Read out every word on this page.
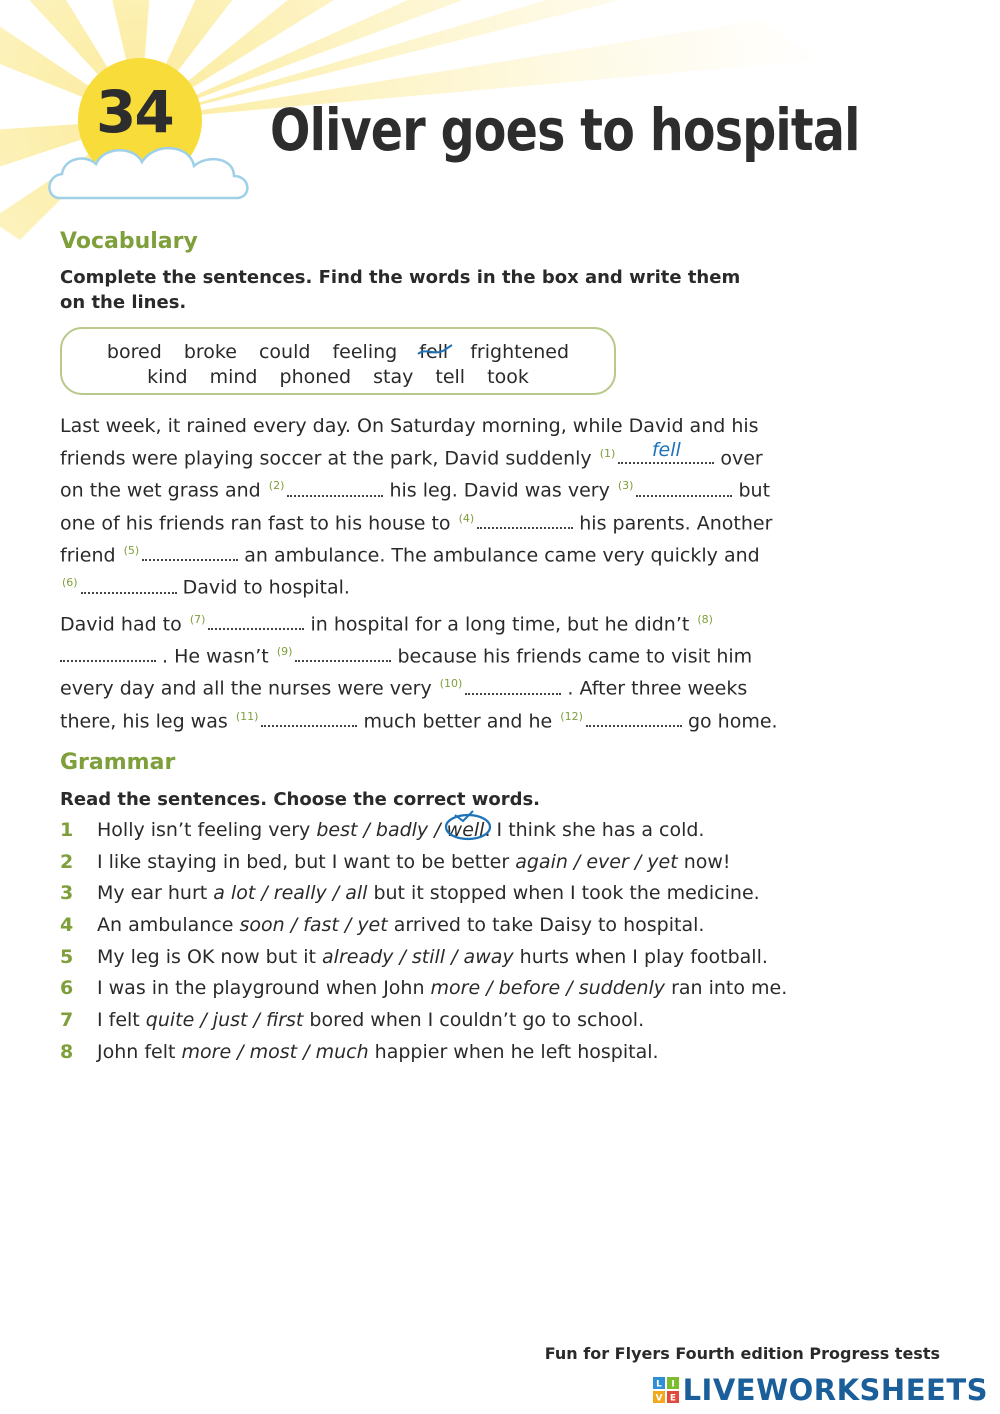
34 Oliver goes to hospital
Vocabulary

Complete the sentences. Find the words in the box and write them on the lines.

bored broke could feeling fell frightened
kind mind phoned stay tell took

Last week, it rained every day. On Saturday morning, while David and his friends were playing soccer at the park, David suddenly $^{(1)}$	fell	over on the wet grass and $^{(2)}$	his leg. David was very $^{(3)}$	but one of his friends ran fast to his house to $^{(4)}$	his parents. Another friend $^{(5)}$	an ambulance. The ambulance came very quickly and $^{(6)}$	David to hospital.

David had to $^{(7)}$	in hospital for a long time, but he didn’t $^{(8)}$ . He wasn’t $^{(9)}$	because his friends came to visit him every day and all the nurses were very $^{(10)}$	. After three weeks there, his leg was $^{(11)}$	much better and he $^{(12)}$	go home.

Grammar

Read the sentences. Choose the correct words.

1 Holly isn’t feeling very best / badly / well
. I think she has a cold.
2 I like staying in bed, but I want to be better again / ever / yet now!
3 My ear hurt a lot / really / all but it stopped when I took the medicine.
4 An ambulance soon / fast / yet arrived to take Daisy to hospital.
5 My leg is OK now but it already / still / away hurts when I play football.
6 I was in the playground when John more / before / suddenly ran into me.
7 I felt quite / just / first bored when I couldn’t go to school.
8 John felt more / most / much happier when he left hospital.

Fun for Flyers Fourth edition Progress tests

L I
V E LIVEWORKSHEETS
